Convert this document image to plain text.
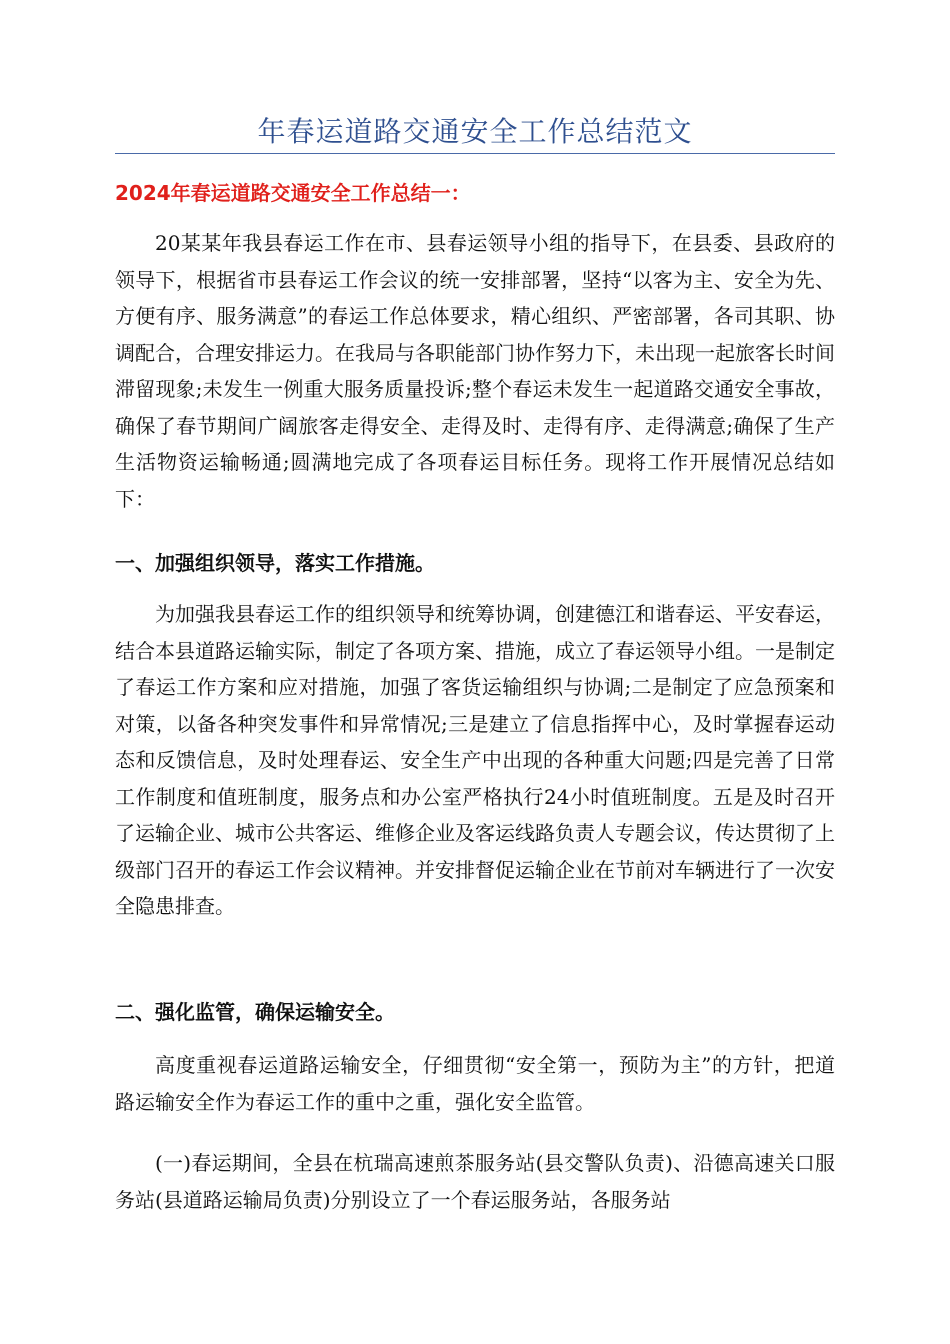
年春运道路交通安全工作总结范文
2024年春运道路交通安全工作总结一：

20某某年我县春运工作在市、县春运领导小组的指导下，在县委、县政府的领导下，根据省市县春运工作会议的统一安排部署，坚持“以客为主、安全为先、方便有序、服务满意”的春运工作总体要求，精心组织、严密部署，各司其职、协调配合，合理安排运力。在我局与各职能部门协作努力下，未出现一起旅客长时间滞留现象;未发生一例重大服务质量投诉;整个春运未发生一起道路交通安全事故，确保了春节期间广阔旅客走得安全、走得及时、走得有序、走得满意;确保了生产生活物资运输畅通;圆满地完成了各项春运目标任务。现将工作开展情况总结如下：

一、加强组织领导，落实工作措施。

为加强我县春运工作的组织领导和统筹协调，创建德江和谐春运、平安春运，结合本县道路运输实际，制定了各项方案、措施，成立了春运领导小组。一是制定了春运工作方案和应对措施，加强了客货运输组织与协调;二是制定了应急预案和对策，以备各种突发事件和异常情况;三是建立了信息指挥中心，及时掌握春运动态和反馈信息，及时处理春运、安全生产中出现的各种重大问题;四是完善了日常工作制度和值班制度，服务点和办公室严格执行24小时值班制度。五是及时召开了运输企业、城市公共客运、维修企业及客运线路负责人专题会议，传达贯彻了上级部门召开的春运工作会议精神。并安排督促运输企业在节前对车辆进行了一次安全隐患排查。

二、强化监管，确保运输安全。

高度重视春运道路运输安全，仔细贯彻“安全第一，预防为主”的方针，把道路运输安全作为春运工作的重中之重，强化安全监管。

(一)春运期间，全县在杭瑞高速煎茶服务站(县交警队负责)、沿德高速关口服务站(县道路运输局负责)分别设立了一个春运服务站，各服务站
